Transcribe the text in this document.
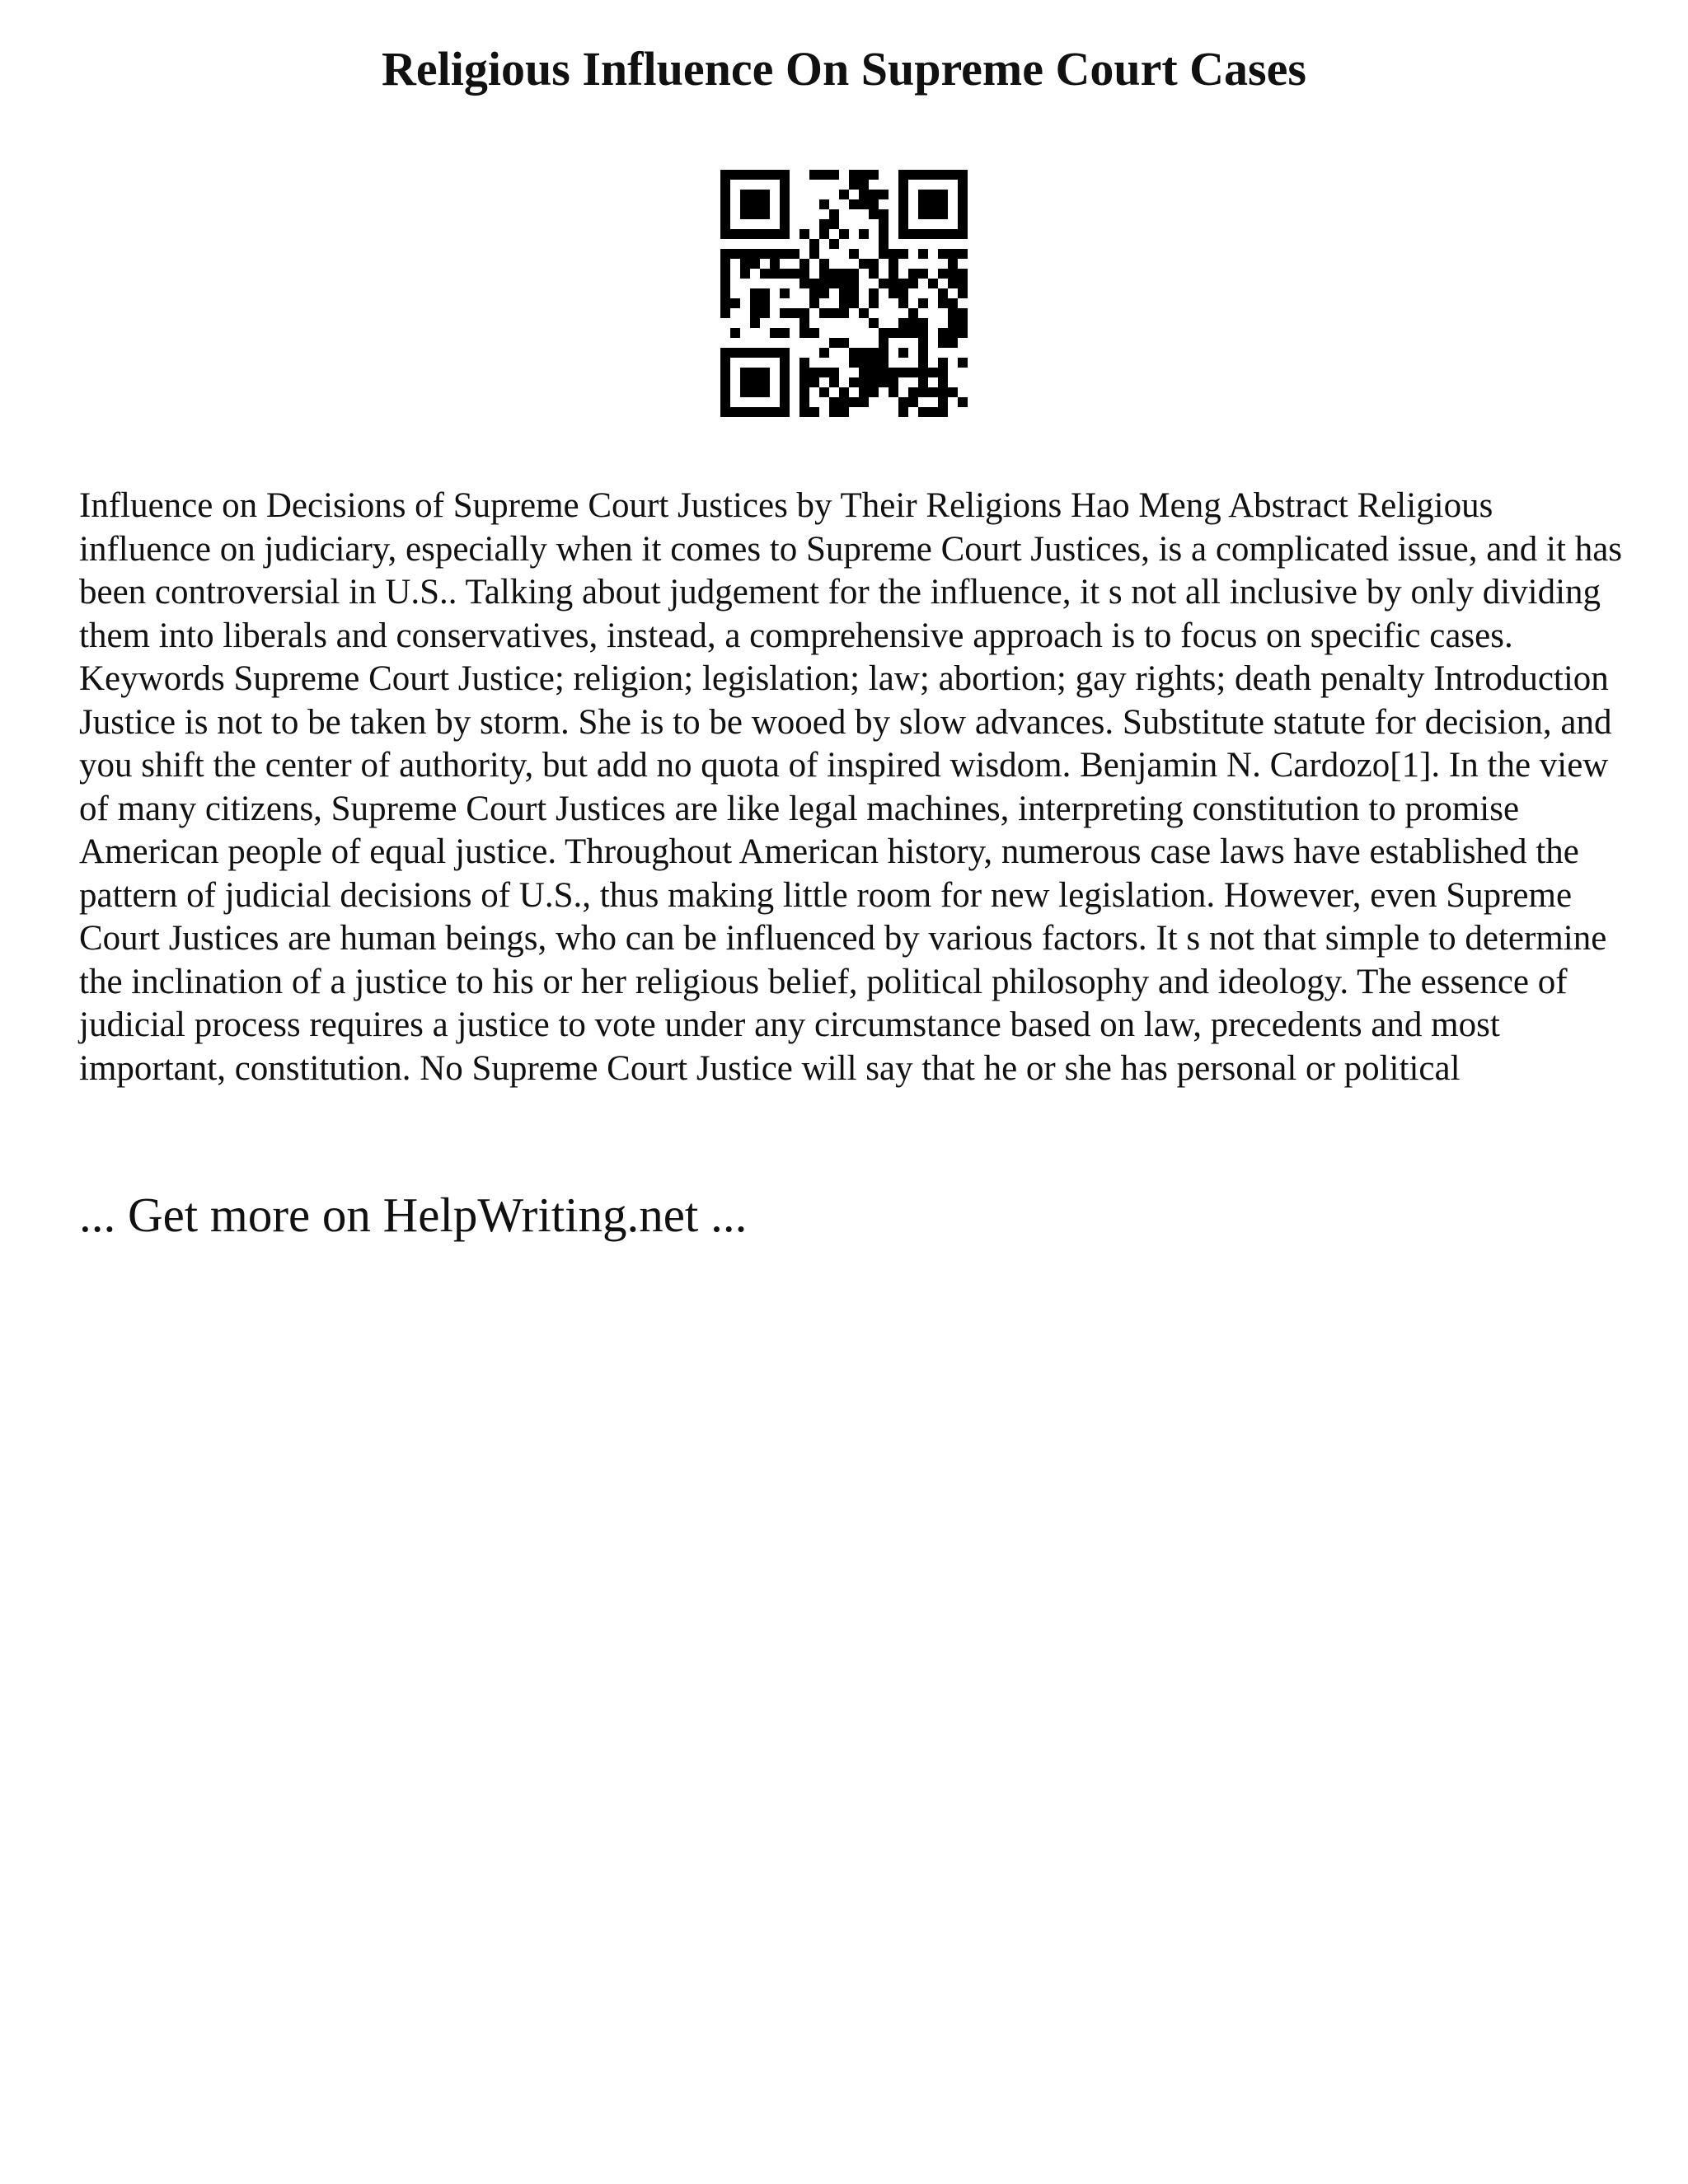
Religious Influence On Supreme Court Cases

Influence on Decisions of Supreme Court Justices by Their Religions Hao Meng Abstract Religious influence on judiciary, especially when it comes to Supreme Court Justices, is a complicated issue, and it has been controversial in U.S.. Talking about judgement for the influence, it s not all inclusive by only dividing them into liberals and conservatives, instead, a comprehensive approach is to focus on specific cases. Keywords Supreme Court Justice; religion; legislation; law; abortion; gay rights; death penalty Introduction Justice is not to be taken by storm. She is to be wooed by slow advances. Substitute statute for decision, and you shift the center of authority, but add no quota of inspired wisdom. Benjamin N. Cardozo[1]. In the view of many citizens, Supreme Court Justices are like legal machines, interpreting constitution to promise American people of equal justice. Throughout American history, numerous case laws have established the pattern of judicial decisions of U.S., thus making little room for new legislation. However, even Supreme Court Justices are human beings, who can be influenced by various factors. It s not that simple to determine the inclination of a justice to his or her religious belief, political philosophy and ideology. The essence of judicial process requires a justice to vote under any circumstance based on law, precedents and most important, constitution. No Supreme Court Justice will say that he or she has personal or political

... Get more on HelpWriting.net ...
